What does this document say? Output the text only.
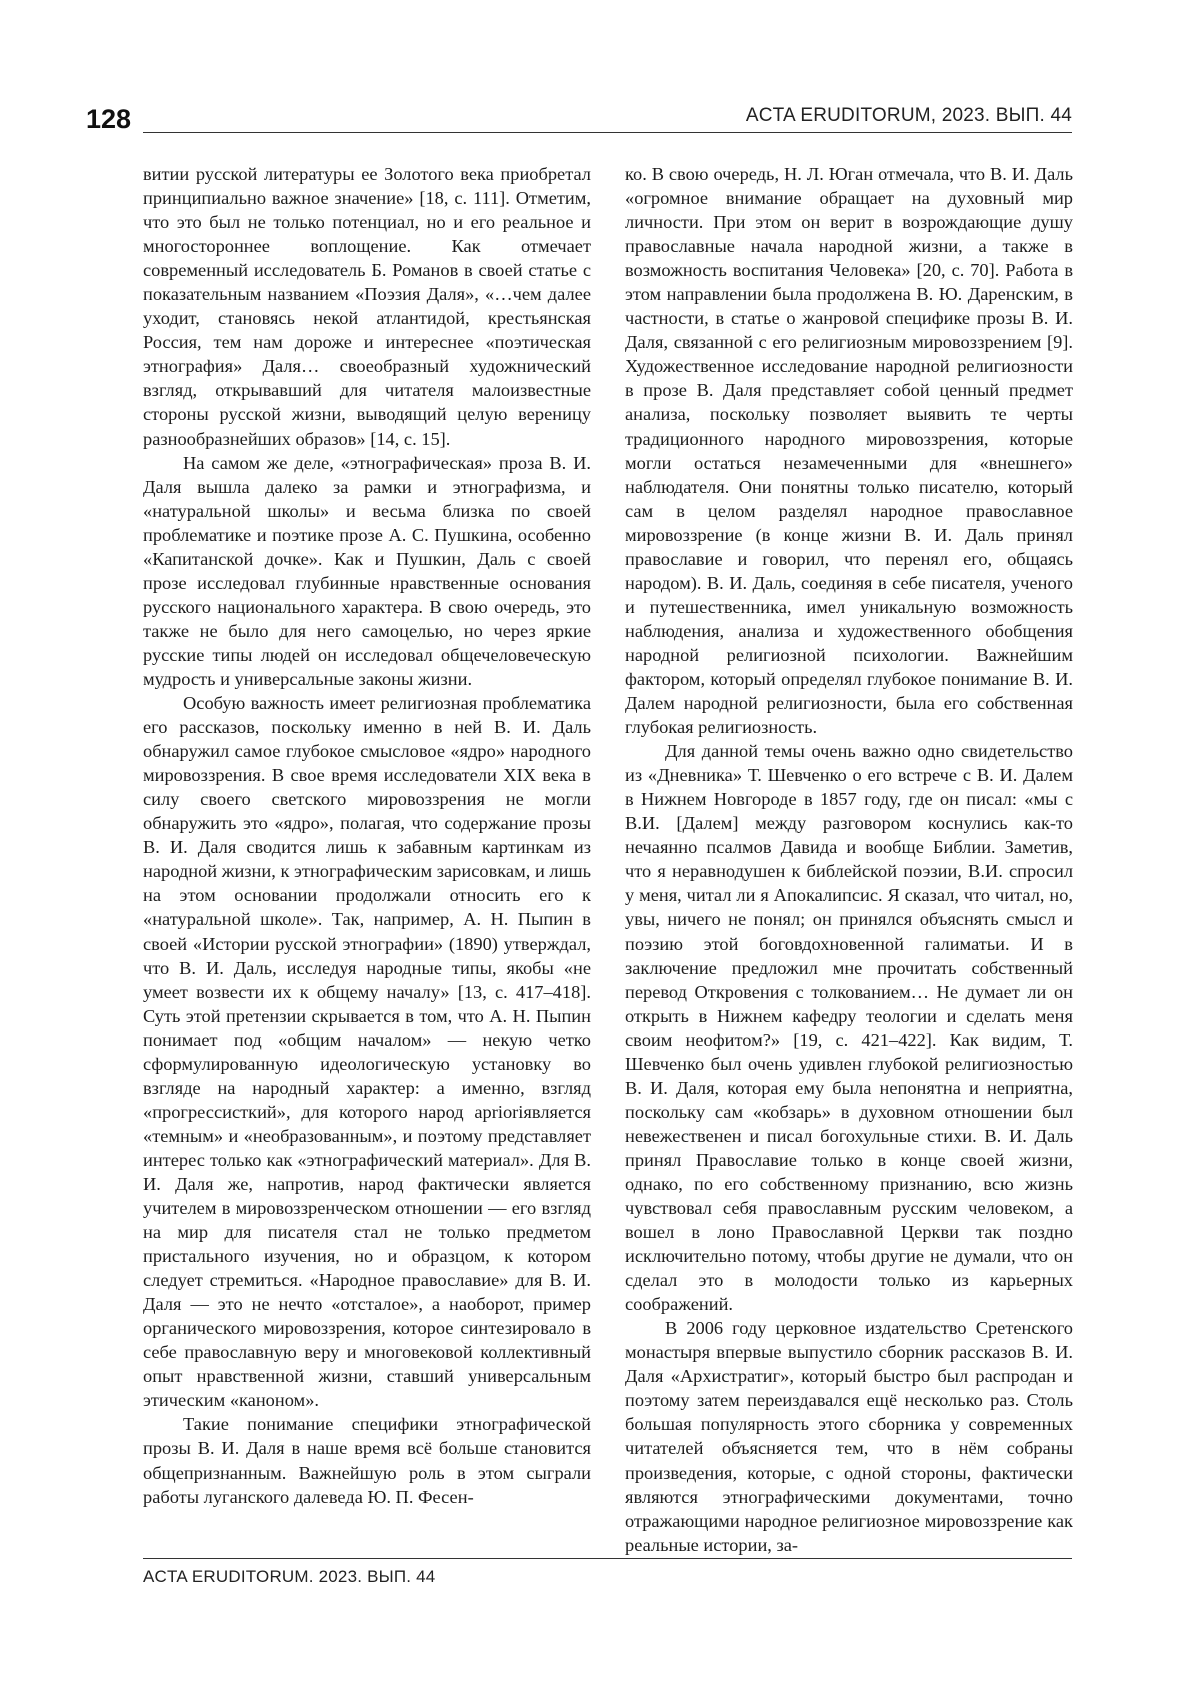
128	ACTA ERUDITORUM, 2023. ВЫП. 44

витии русской литературы ее Золотого века приобретал принципиально важное значение» [18, с. 111]. Отметим, что это был не только потенциал, но и его реальное и многостороннее воплощение. Как отмечает современный исследователь Б. Романов в своей статье с показательным названием «Поэзия Даля», «…чем далее уходит, становясь некой атлантидой, крестьянская Россия, тем нам дороже и интереснее «поэтическая этнография» Даля… своеобразный художнический взгляд, открывавший для читателя малоизвестные стороны русской жизни, выводящий целую вереницу разнообразнейших образов» [14, с. 15].

На самом же деле, «этнографическая» проза В. И. Даля вышла далеко за рамки и этнографизма, и «натуральной школы» и весьма близка по своей проблематике и поэтике прозе А. С. Пушкина, особенно «Капитанской дочке». Как и Пушкин, Даль с своей прозе исследовал глубинные нравственные основания русского национального характера. В свою очередь, это также не было для него самоцелью, но через яркие русские типы людей он исследовал общечеловеческую мудрость и универсальные законы жизни.

Особую важность имеет религиозная проблематика его рассказов, поскольку именно в ней В. И. Даль обнаружил самое глубокое смысловое «ядро» народного мировоззрения. В свое время исследователи XIX века в силу своего светского мировоззрения не могли обнаружить это «ядро», полагая, что содержание прозы В. И. Даля сводится лишь к забавным картинкам из народной жизни, к этнографическим зарисовкам, и лишь на этом основании продолжали относить его к «натуральной школе». Так, например, А. Н. Пыпин в своей «Истории русской этнографии» (1890) утверждал, что В. И. Даль, исследуя народные типы, якобы «не умеет возвести их к общему началу» [13, с. 417–418]. Суть этой претензии скрывается в том, что А. Н. Пыпин понимает под «общим началом» — некую четко сформулированную идеологическую установку во взгляде на народный характер: а именно, взгляд «прогрессисткий», для которого народ aprioriявляется «темным» и «необразованным», и поэтому представляет интерес только как «этнографический материал». Для В. И. Даля же, напротив, народ фактически является учителем в мировоззренческом отношении — его взгляд на мир для писателя стал не только предметом пристального изучения, но и образцом, к котором следует стремиться. «Народное православие» для В. И. Даля — это не нечто «отсталое», а наоборот, пример органического мировоззрения, которое синтезировало в себе православную веру и многовековой коллективный опыт нравственной жизни, ставший универсальным этическим «каноном».

Такие понимание специфики этнографической прозы В. И. Даля в наше время всё больше становится общепризнанным. Важнейшую роль в этом сыграли работы луганского далеведа Ю. П. Фесен-

ко. В свою очередь, Н. Л. Юган отмечала, что В. И. Даль «огромное внимание обращает на духовный мир личности. При этом он верит в возрождающие душу православные начала народной жизни, а также в возможность воспитания Человека» [20, с. 70]. Работа в этом направлении была продолжена В. Ю. Даренским, в частности, в статье о жанровой специфике прозы В. И. Даля, связанной с его религиозным мировоззрением [9]. Художественное исследование народной религиозности в прозе В. Даля представляет собой ценный предмет анализа, поскольку позволяет выявить те черты традиционного народного мировоззрения, которые могли остаться незамеченными для «внешнего» наблюдателя. Они понятны только писателю, который сам в целом разделял народное православное мировоззрение (в конце жизни В. И. Даль принял православие и говорил, что перенял его, общаясь народом). В. И. Даль, соединяя в себе писателя, ученого и путешественника, имел уникальную возможность наблюдения, анализа и художественного обобщения народной религиозной психологии. Важнейшим фактором, который определял глубокое понимание В. И. Далем народной религиозности, была его собственная глубокая религиозность.

Для данной темы очень важно одно свидетельство из «Дневника» Т. Шевченко о его встрече с В. И. Далем в Нижнем Новгороде в 1857 году, где он писал: «мы с В.И. [Далем] между разговором коснулись как-то нечаянно псалмов Давида и вообще Библии. Заметив, что я неравнодушен к библейской поэзии, В.И. спросил у меня, читал ли я Апокалипсис. Я сказал, что читал, но, увы, ничего не понял; он принялся объяснять смысл и поэзию этой боговдохновенной галиматьи. И в заключение предложил мне прочитать собственный перевод Откровения с толкованием… Не думает ли он открыть в Нижнем кафедру теологии и сделать меня своим неофитом?» [19, с. 421–422]. Как видим, Т. Шевченко был очень удивлен глубокой религиозностью В. И. Даля, которая ему была непонятна и неприятна, поскольку сам «кобзарь» в духовном отношении был невежественен и писал богохульные стихи. В. И. Даль принял Православие только в конце своей жизни, однако, по его собственному признанию, всю жизнь чувствовал себя православным русским человеком, а вошел в лоно Православной Церкви так поздно исключительно потому, чтобы другие не думали, что он сделал это в молодости только из карьерных соображений.

В 2006 году церковное издательство Сретенского монастыря впервые выпустило сборник рассказов В. И. Даля «Архистратиг», который быстро был распродан и поэтому затем переиздавался ещё несколько раз. Столь большая популярность этого сборника у современных читателей объясняется тем, что в нём собраны произведения, которые, с одной стороны, фактически являются этнографическими документами, точно отражающими народное религиозное мировоззрение как реальные истории, за-

ACTA ERUDITORUM. 2023. ВЫП. 44
